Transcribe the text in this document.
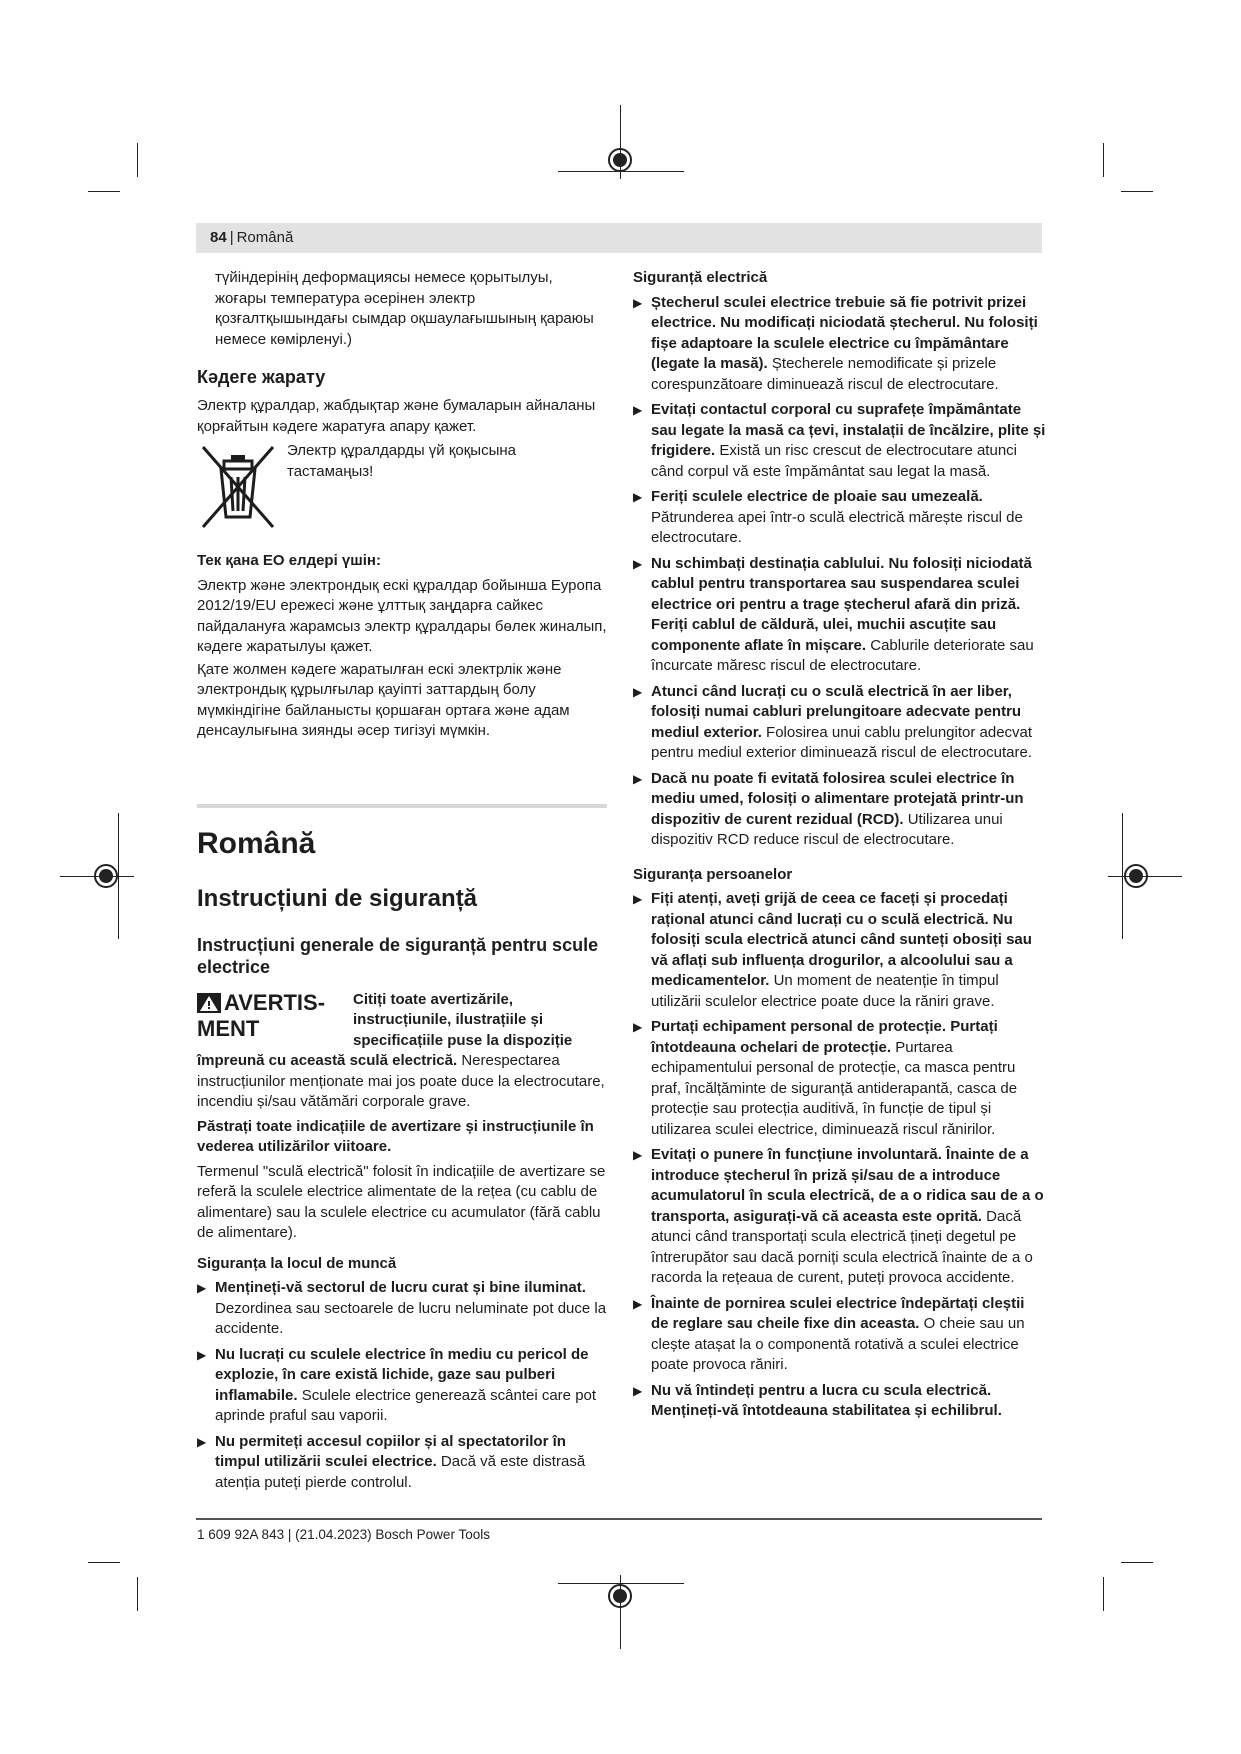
84 | Română

түйіндерінің деформациясы немесе қорытылуы, жоғары температура әсерінен электр қозғалтқышындағы сымдар оқшаулағышының қараюы немесе көмірленуі.)

Кәдеге жарату

Электр құралдар, жабдықтар және бумаларын айналаны қорғайтын кәдеге жаратуға апару қажет.

Электр құралдарды үй қоқысына тастамаңыз!
Тек қана ЕО елдері үшін:

Электр және электрондық ескі құралдар бойынша Еуропа 2012/19/EU ережесі және ұлттық заңдарға сайкес пайдалануға жарамсыз электр құралдары бөлек жиналып, кәдеге жаратылуы қажет.

Қате жолмен кәдеге жаратылған ескі электрлік және электрондық құрылғылар қауіпті заттардың болу мүмкіндігіне байланысты қоршаған ортаға және адам денсаулығына зиянды әсер тигізуі мүмкін.

Română
Instrucțiuni de siguranță
Instrucțiuni generale de siguranță pentru scule electrice
AVERTIS-MENT

Citiți toate avertizările, instrucțiunile, ilustrațiile și specificațiile puse la dispoziție împreună cu această sculă electrică. Nerespectarea instrucțiunilor menționate mai jos poate duce la electrocutare, incendiu și/sau vătămări corporale grave.

Păstrați toate indicațiile de avertizare și instrucțiunile în vederea utilizărilor viitoare.

Termenul "sculă electrică" folosit în indicațiile de avertizare se referă la sculele electrice alimentate de la rețea (cu cablu de alimentare) sau la sculele electrice cu acumulator (fără cablu de alimentare).

Siguranța la locul de muncă
▶ Mențineți-vă sectorul de lucru curat și bine iluminat. Dezordinea sau sectoarele de lucru neluminate pot duce la accidente.
▶ Nu lucrați cu sculele electrice în mediu cu pericol de explozie, în care există lichide, gaze sau pulberi inflamabile. Sculele electrice generează scântei care pot aprinde praful sau vaporii.
▶ Nu permiteți accesul copiilor și al spectatorilor în timpul utilizării sculei electrice. Dacă vă este distrasă atenția puteți pierde controlul.
Siguranță electrică
▶ Ștecherul sculei electrice trebuie să fie potrivit prizei electrice. Nu modificați niciodată ștecherul. Nu folosiți fișe adaptoare la sculele electrice cu împământare (legate la masă). Ștecherele nemodificate și prizele corespunzătoare diminuează riscul de electrocutare.
▶ Evitați contactul corporal cu suprafețe împământate sau legate la masă ca țevi, instalații de încălzire, plite și frigidere. Există un risc crescut de electrocutare atunci când corpul vă este împământat sau legat la masă.
▶ Feriți sculele electrice de ploaie sau umezeală. Pătrunderea apei într-o sculă electrică mărește riscul de electrocutare.
▶ Nu schimbați destinația cablului. Nu folosiți niciodată cablul pentru transportarea sau suspendarea sculei electrice ori pentru a trage ștecherul afară din priză. Feriți cablul de căldură, ulei, muchii ascuțite sau componente aflate în mișcare. Cablurile deteriorate sau încurcate măresc riscul de electrocutare.
▶ Atunci când lucrați cu o sculă electrică în aer liber, folosiți numai cabluri prelungitoare adecvate pentru mediul exterior. Folosirea unui cablu prelungitor adecvat pentru mediul exterior diminuează riscul de electrocutare.
▶ Dacă nu poate fi evitată folosirea sculei electrice în mediu umed, folosiți o alimentare protejată printr-un dispozitiv de curent rezidual (RCD). Utilizarea unui dispozitiv RCD reduce riscul de electrocutare.
Siguranța persoanelor
▶ Fiți atenți, aveți grijă de ceea ce faceți și procedați rațional atunci când lucrați cu o sculă electrică. Nu folosiți scula electrică atunci când sunteți obosiți sau vă aflați sub influența drogurilor, a alcoolului sau a medicamentelor. Un moment de neatenție în timpul utilizării sculelor electrice poate duce la răniri grave.
▶ Purtați echipament personal de protecție. Purtați întotdeauna ochelari de protecție. Purtarea echipamentului personal de protecție, ca masca pentru praf, încălțăminte de siguranță antiderapantă, casca de protecție sau protecția auditivă, în funcție de tipul și utilizarea sculei electrice, diminuează riscul rănirilor.
▶ Evitați o punere în funcțiune involuntară. Înainte de a introduce ștecherul în priză și/sau de a introduce acumulatorul în scula electrică, de a o ridica sau de a o transporta, asigurați-vă că aceasta este oprită. Dacă atunci când transportați scula electrică țineți degetul pe întrerupător sau dacă porniți scula electrică înainte de a o racorda la rețeaua de curent, puteți provoca accidente.
▶ Înainte de pornirea sculei electrice îndepărtați cleștii de reglare sau cheile fixe din aceasta. O cheie sau un clește atașat la o componentă rotativă a sculei electrice poate provoca răniri.
▶ Nu vă întindeți pentru a lucra cu scula electrică. Mențineți-vă întotdeauna stabilitatea și echilibrul.
1 609 92A 843 | (21.04.2023) Bosch Power Tools
